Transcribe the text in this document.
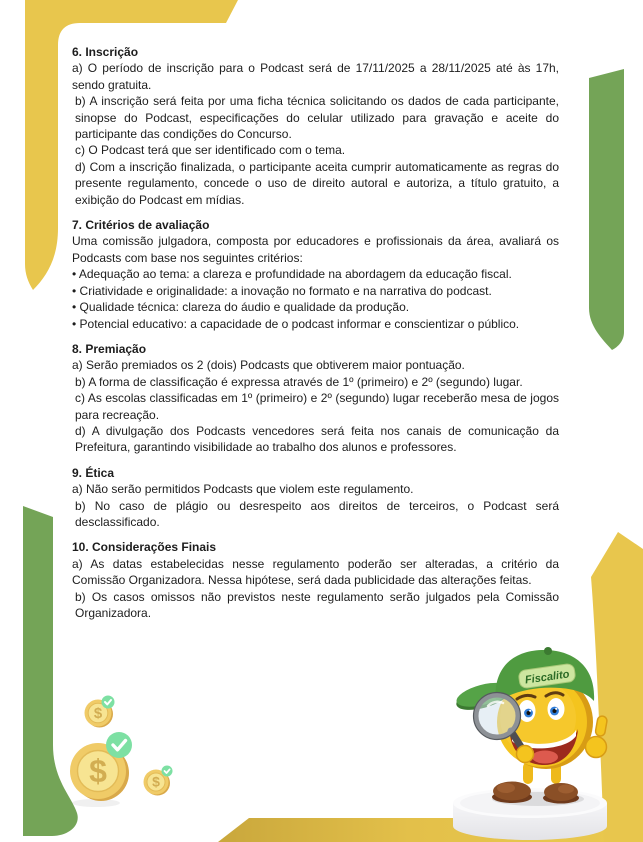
$
$	$
Fiscalito
6. Inscrição

a) O período de inscrição para o Podcast será de 17/11/2025 a 28/11/2025 até às 17h, sendo gratuita.

b) A inscrição será feita por uma ficha técnica solicitando os dados de cada participante, sinopse do Podcast, especificações do celular utilizado para gravação e aceite do participante das condições do Concurso.

c) O Podcast terá que ser identificado com o tema.

d) Com a inscrição finalizada, o participante aceita cumprir automaticamente as regras do presente regulamento, concede o uso de direito autoral e autoriza, a título gratuito, a exibição do Podcast em mídias.

7. Critérios de avaliação

Uma comissão julgadora, composta por educadores e profissionais da área, avaliará os Podcasts com base nos seguintes critérios:

• Adequação ao tema: a clareza e profundidade na abordagem da educação fiscal.

• Criatividade e originalidade: a inovação no formato e na narrativa do podcast.

• Qualidade técnica: clareza do áudio e qualidade da produção.

• Potencial educativo: a capacidade de o podcast informar e conscientizar o público.

8. Premiação

a) Serão premiados os 2 (dois) Podcasts que obtiverem maior pontuação.

b) A forma de classificação é expressa através de 1º (primeiro) e 2º (segundo) lugar.

c) As escolas classificadas em 1º (primeiro) e 2º (segundo) lugar receberão mesa de jogos para recreação.

d) A divulgação dos Podcasts vencedores será feita nos canais de comunicação da Prefeitura, garantindo visibilidade ao trabalho dos alunos e professores.

9. Ética

a) Não serão permitidos Podcasts que violem este regulamento.

b) No caso de plágio ou desrespeito aos direitos de terceiros, o Podcast será desclassificado.

10. Considerações Finais

a) As datas estabelecidas nesse regulamento poderão ser alteradas, a critério da Comissão Organizadora. Nessa hipótese, será dada publicidade das alterações feitas.

b) Os casos omissos não previstos neste regulamento serão julgados pela Comissão Organizadora.
